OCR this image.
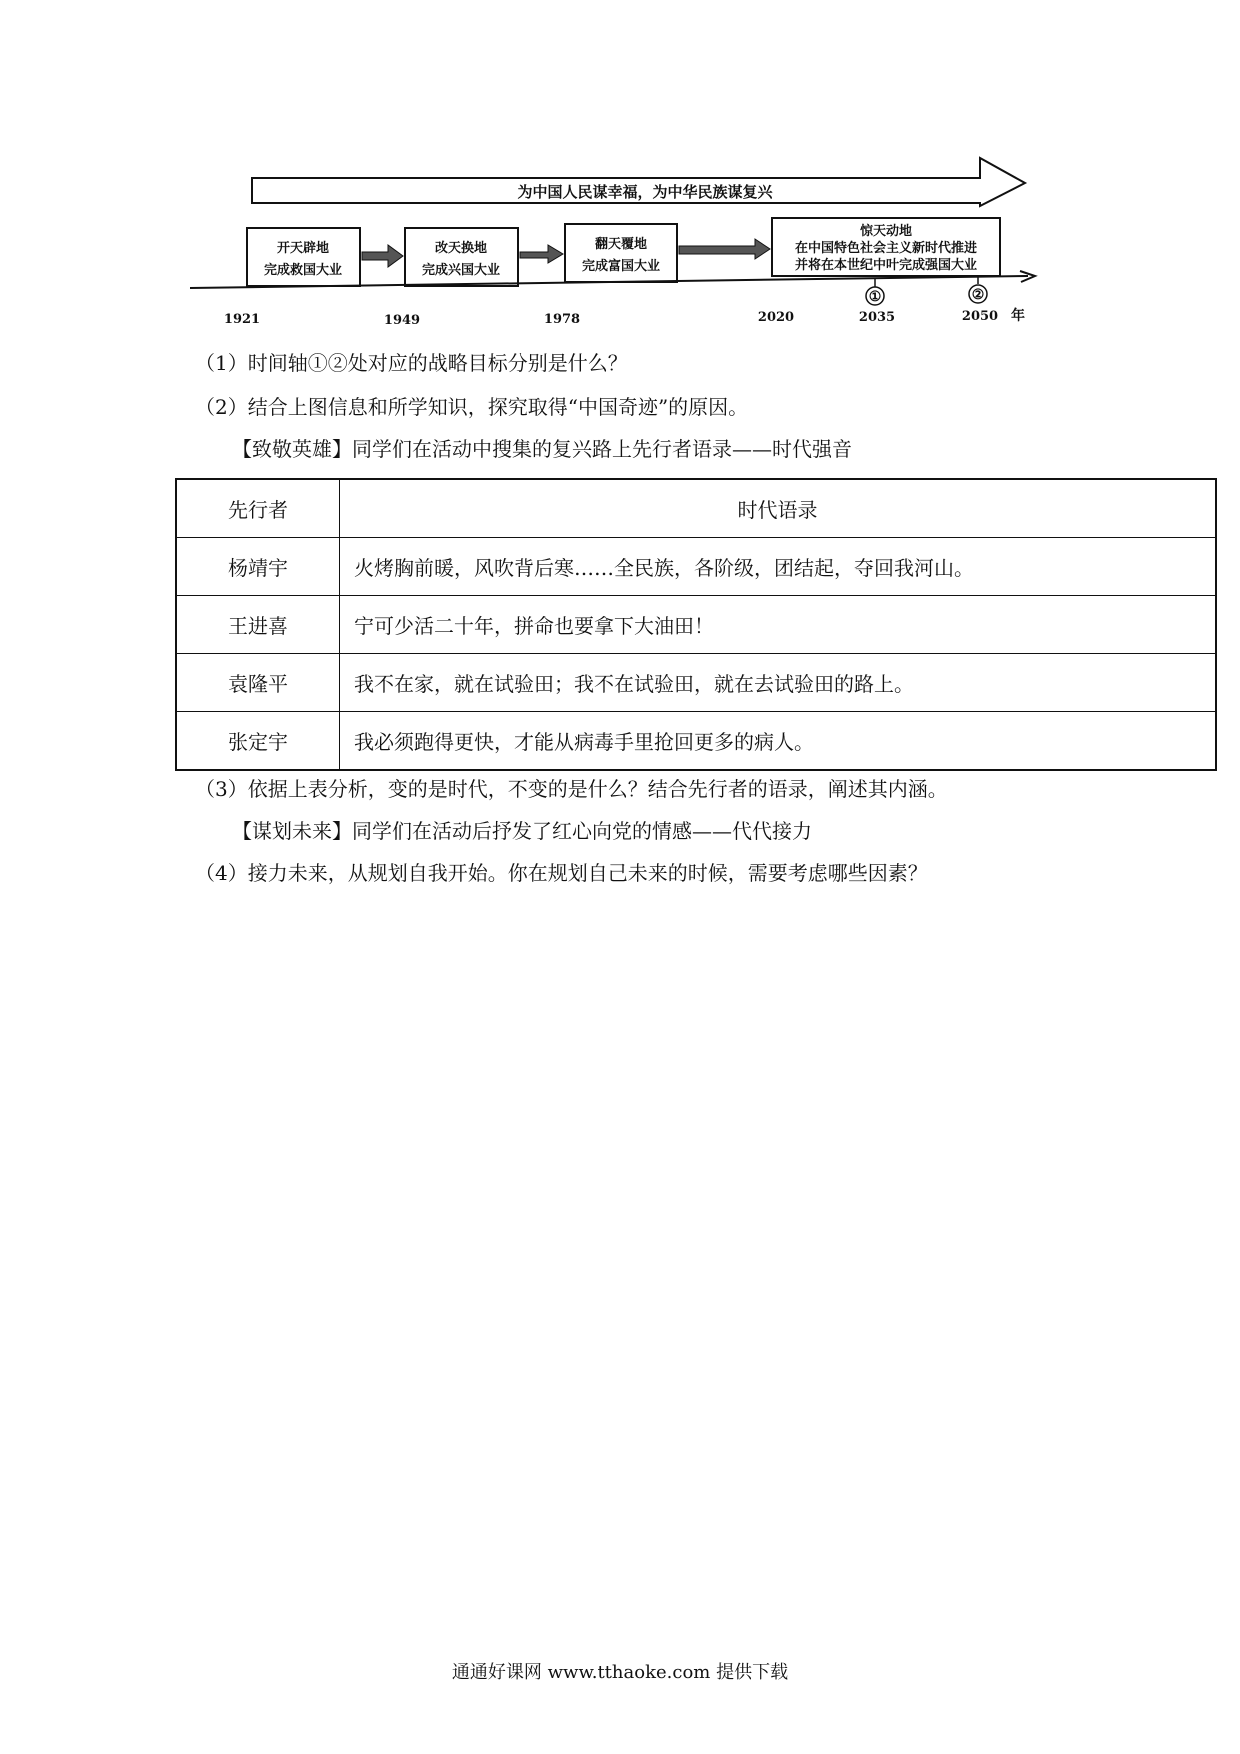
为中国人民谋幸福，为中华民族谋复兴
开天辟地
完成救国大业
改天换地
完成兴国大业
翻天覆地
完成富国大业
惊天动地
在中国特色社会主义新时代推进
并将在本世纪中叶完成强国大业
①	②
1921	1949	1978	2020	2035	2050 年
（1）时间轴①②处对应的战略目标分别是什么？
（2）结合上图信息和所学知识，探究取得“中国奇迹”的原因。
【致敬英雄】同学们在活动中搜集的复兴路上先行者语录——时代强音
先行者	时代语录
杨靖宇	火烤胸前暖，风吹背后寒……全民族，各阶级，团结起，夺回我河山。
王进喜	宁可少活二十年，拼命也要拿下大油田！
袁隆平	我不在家，就在试验田；我不在试验田，就在去试验田的路上。
张定宇	我必须跑得更快，才能从病毒手里抢回更多的病人。
（3）依据上表分析，变的是时代，不变的是什么？结合先行者的语录，阐述其内涵。
【谋划未来】同学们在活动后抒发了红心向党的情感——代代接力
（4）接力未来，从规划自我开始。你在规划自己未来的时候，需要考虑哪些因素？
通通好课网 www.tthaoke.com 提供下载
